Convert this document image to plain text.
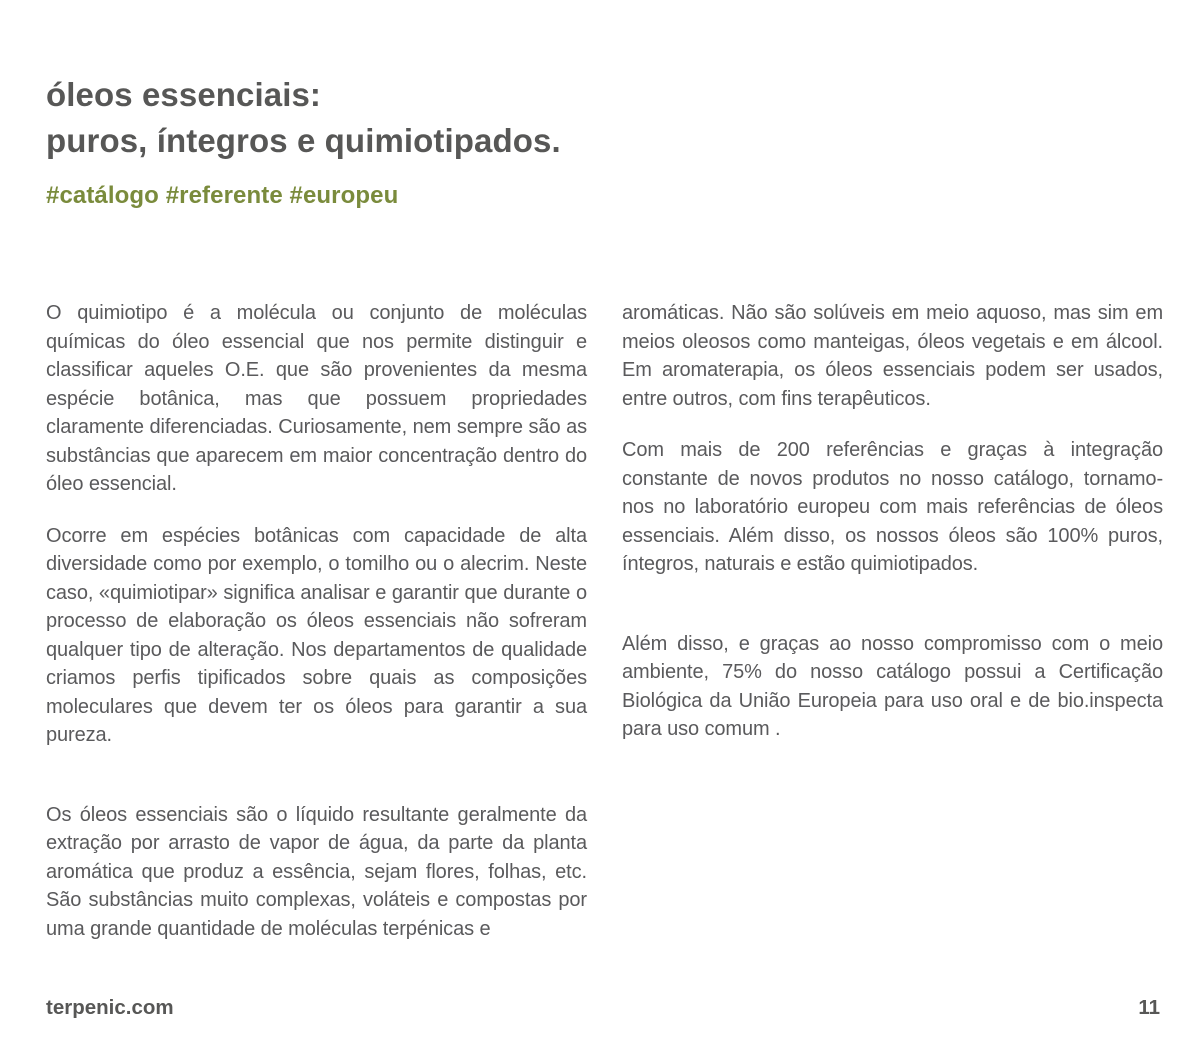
óleos essenciais:
puros, íntegros e quimiotipados.
#catálogo #referente #europeu

O quimiotipo é a molécula ou conjunto de moléculas químicas do óleo essencial que nos permite distinguir e classificar aqueles O.E. que são provenientes da mesma espécie botânica, mas que possuem propriedades claramente diferenciadas. Curiosamente, nem sempre são as substâncias que aparecem em maior concentração dentro do óleo essencial.

Ocorre em espécies botânicas com capacidade de alta diversidade como por exemplo, o tomilho ou o alecrim. Neste caso, «quimiotipar» significa analisar e garantir que durante o processo de elaboração os óleos essenciais não sofreram qualquer tipo de alteração. Nos departamentos de qualidade criamos perfis tipificados sobre quais as composições moleculares que devem ter os óleos para garantir a sua pureza.

Os óleos essenciais são o líquido resultante geralmente da extração por arrasto de vapor de água, da parte da planta aromática que produz a essência, sejam flores, folhas, etc. São substâncias muito complexas, voláteis e compostas por uma grande quantidade de moléculas terpénicas e

aromáticas. Não são solúveis em meio aquoso, mas sim em meios oleosos como manteigas, óleos vegetais e em álcool. Em aromaterapia, os óleos essenciais podem ser usados, entre outros, com fins terapêuticos.

Com mais de 200 referências e graças à integração constante de novos produtos no nosso catálogo, tornamo-nos no laboratório europeu com mais referências de óleos essenciais. Além disso, os nossos óleos são 100% puros, íntegros, naturais e estão quimiotipados.

Além disso, e graças ao nosso compromisso com o meio ambiente, 75% do nosso catálogo possui a Certificação Biológica da União Europeia para uso oral e de bio.inspecta para uso comum .

terpenic.com	11
